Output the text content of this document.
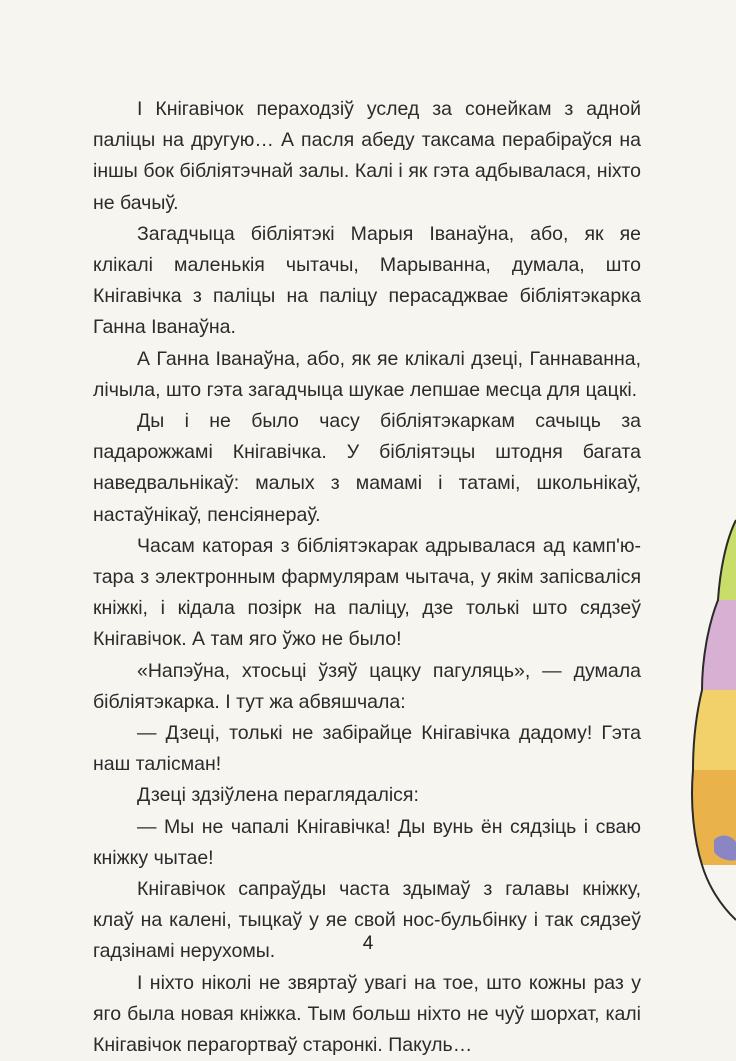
І Кнігавічок пераходзіў услед за сонейкам з адной паліцы на другую… А пасля абеду таксама перабіраўся на іншы бок бібліятэчнай залы. Калі і як гэта адбывалася, ніхто не бачыў.

Загадчыца бібліятэкі Марыя Іванаўна, або, як яе клікалі маленькія чытачы, Марыванна, думала, што Кнігавічка з паліцы на паліцу перасаджвае бібліятэкарка Ганна Іванаўна.

А Ганна Іванаўна, або, як яе клікалі дзеці, Ганнаванна, лічыла, што гэта загадчыца шукае лепшае месца для цацкі.

Ды і не было часу бібліятэкаркам сачыць за падарожжамі Кнігавічка. У бібліятэцы штодня багата наведвальнікаў: малых з мамамі і татамі, школьнікаў, настаўнікаў, пенсіянераў.

Часам каторая з бібліятэкарак адрывалася ад камп'ютара з электронным фармулярам чытача, у якім запісваліся кніжкі, і кідала позірк на паліцу, дзе толькі што сядзеў Кнігавічок. А там яго ўжо не было!

«Напэўна, хтосьці ўзяў цацку пагуляць», — думала бібліятэкарка. І тут жа абвяшчала:

— Дзеці, толькі не забірайце Кнігавічка дадому! Гэта наш талісман!

Дзеці здзіўлена пераглядаліся:

— Мы не чапалі Кнігавічка! Ды вунь ён сядзіць і сваю кніжку чытае!

Кнігавічок сапраўды часта здымаў з галавы кніжку, клаў на калені, тыцкаў у яе свой нос-бульбінку і так сядзеў гадзінамі нерухомы.

І ніхто ніколі не звяртаў увагі на тое, што кожны раз у яго была новая кніжка. Тым больш ніхто не чуў шорхат, калі Кнігавічок перагортваў старонкі. Пакуль…

4
